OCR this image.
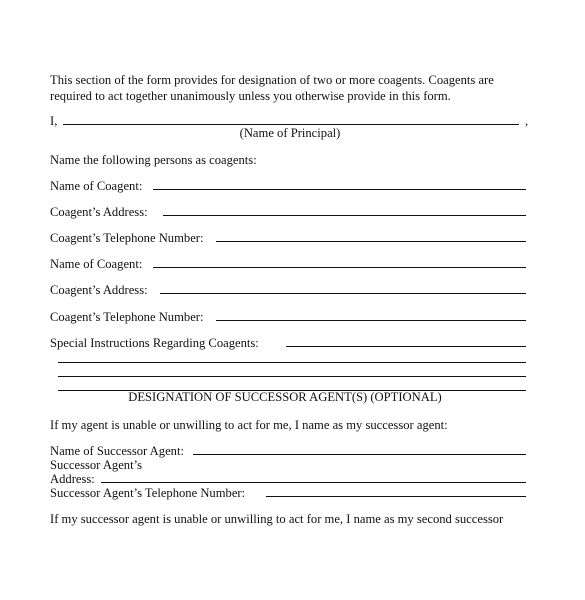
This section of the form provides for designation of two or more coagents. Coagents are
required to act together unanimously unless you otherwise provide in this form.
I,	,
(Name of Principal)
Name the following persons as coagents:
Name of Coagent:
Coagent’s Address:
Coagent’s Telephone Number:
Name of Coagent:
Coagent’s Address:
Coagent’s Telephone Number:
Special Instructions Regarding Coagents:
DESIGNATION OF SUCCESSOR AGENT(S) (OPTIONAL)
If my agent is unable or unwilling to act for me, I name as my successor agent:
Name of Successor Agent:
Successor Agent’s
Address:
Successor Agent’s Telephone Number:
If my successor agent is unable or unwilling to act for me, I name as my second successor
